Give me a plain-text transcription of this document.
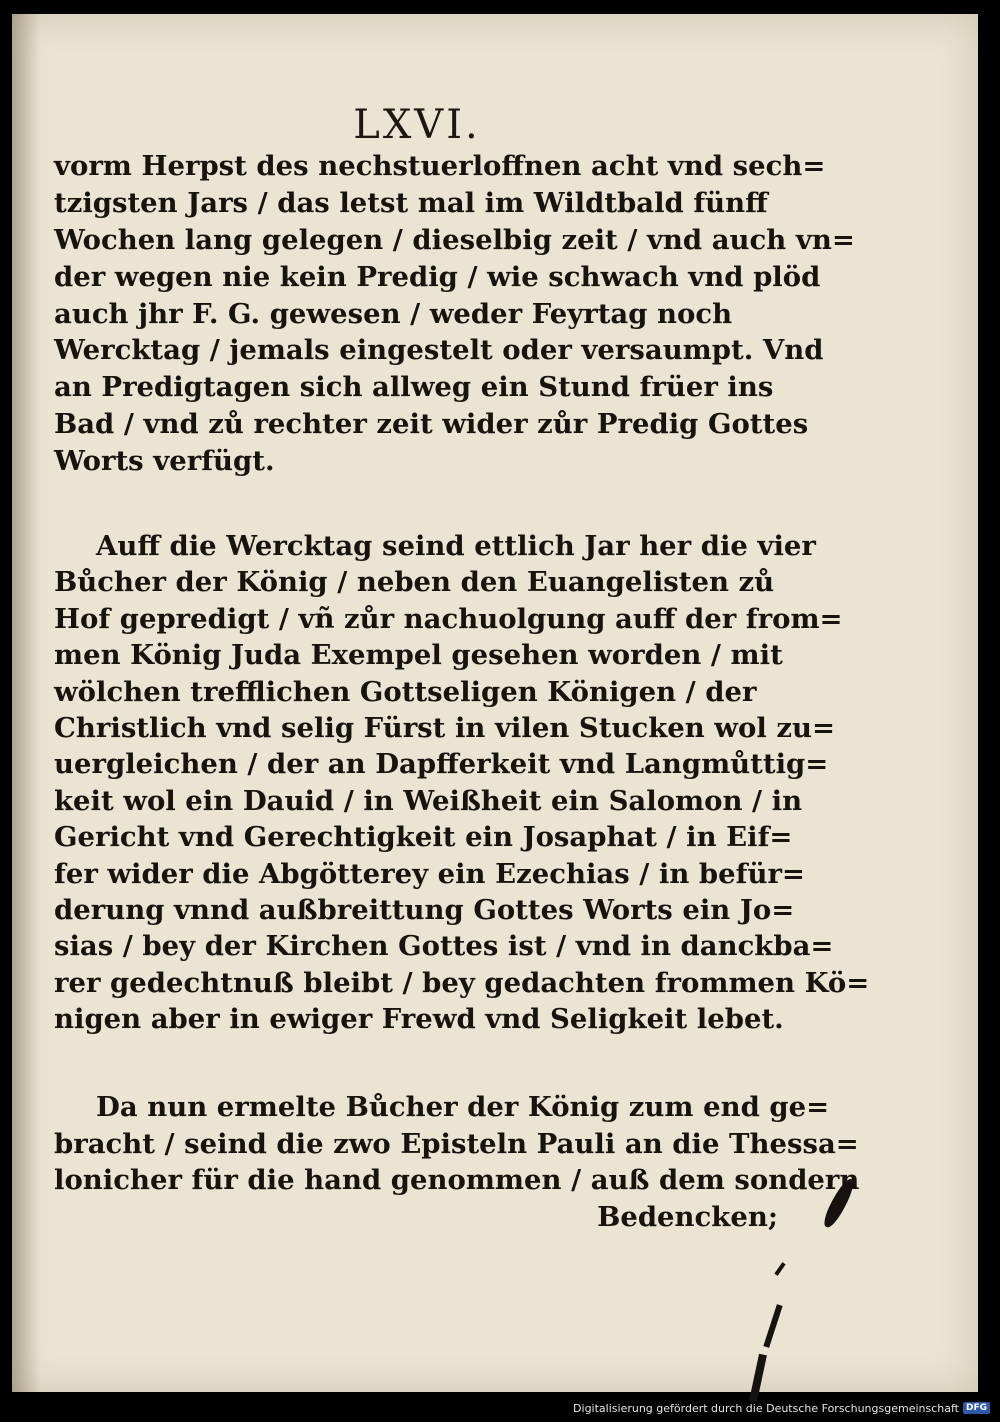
LXVI.
vorm Herpst des nechstuerloffnen acht vnd sech=
tzigsten Jars / das letst mal im Wildtbald fünff
Wochen lang gelegen / dieselbig zeit / vnd auch vn=
der wegen nie kein Predig / wie schwach vnd plöd
auch jhr F. G. gewesen / weder Feyrtag noch
Wercktag / jemals eingestelt oder versaumpt. Vnd
an Predigtagen sich allweg ein Stund früer ins
Bad / vnd zů rechter zeit wider zůr Predig Gottes
Worts verfügt.
Auff die Wercktag seind ettlich Jar her die vier
Bůcher der König / neben den Euangelisten zů
Hof gepredigt / vñ zůr nachuolgung auff der from=
men König Juda Exempel gesehen worden / mit
wölchen trefflichen Gottseligen Königen / der
Christlich vnd selig Fürst in vilen Stucken wol zu=
uergleichen / der an Dapfferkeit vnd Langmůttig=
keit wol ein Dauid / in Weißheit ein Salomon / in
Gericht vnd Gerechtigkeit ein Josaphat / in Eif=
fer wider die Abgötterey ein Ezechias / in befür=
derung vnnd außbreittung Gottes Worts ein Jo=
sias / bey der Kirchen Gottes ist / vnd in danckba=
rer gedechtnuß bleibt / bey gedachten frommen Kö=
nigen aber in ewiger Frewd vnd Seligkeit lebet.
Da nun ermelte Bůcher der König zum end ge=
bracht / seind die zwo Episteln Pauli an die Thessa=
lonicher für die hand genommen / auß dem sondern
Bedencken;
Digitalisierung gefördert durch die Deutsche Forschungsgemeinschaft DFG
